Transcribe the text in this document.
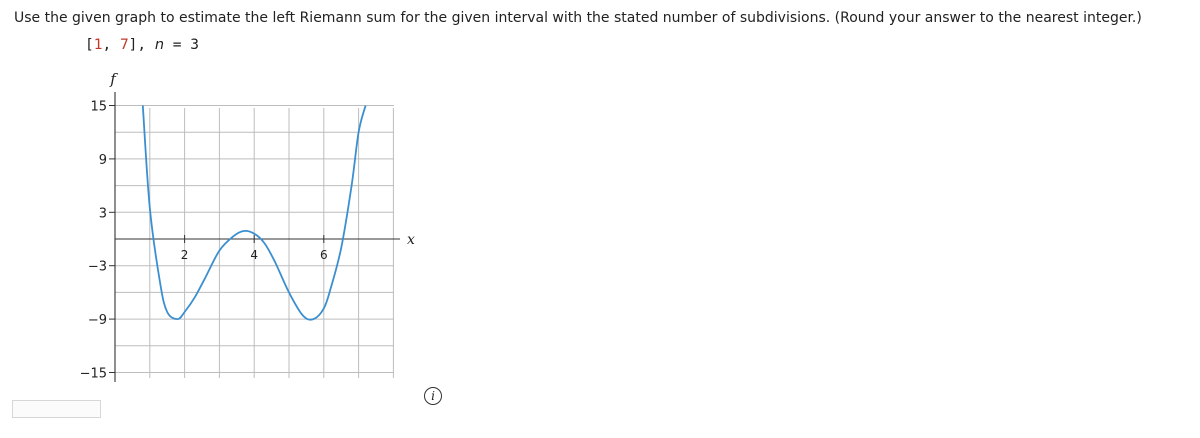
Use the given graph to estimate the left Riemann sum for the given interval with the stated number of subdivisions. (Round your answer to the nearest integer.)
[1, 7], n = 3
f
x
15
9
3
−3
−9
−15
2	4	6
i
